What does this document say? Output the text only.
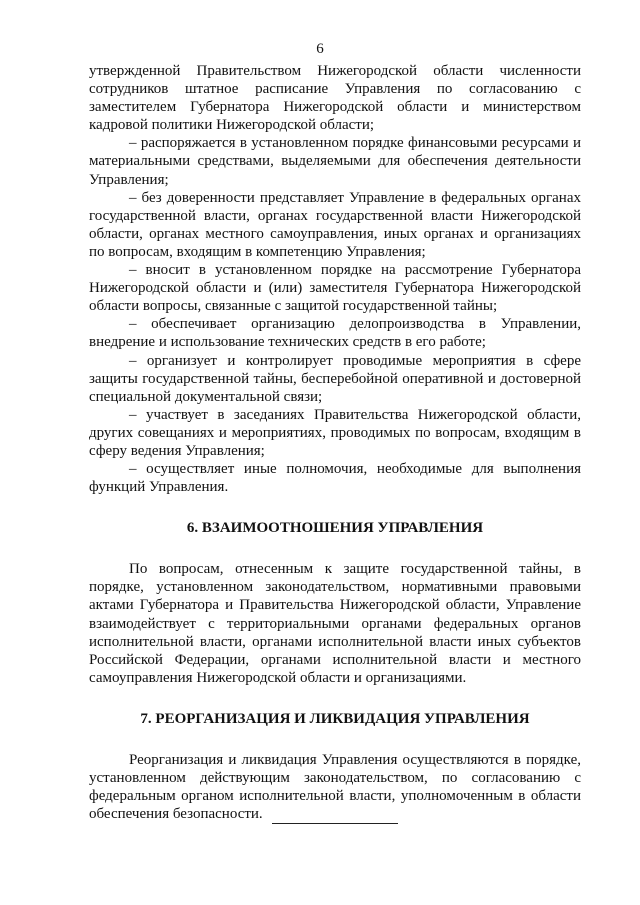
6

утвержденной Правительством Нижегородской области численности сотрудников штатное расписание Управления по согласованию с заместителем Губернатора Нижегородской области и министерством кадровой политики Нижегородской области;

– распоряжается в установленном порядке финансовыми ресурсами и материальными средствами, выделяемыми для обеспечения деятельности Управления;

– без доверенности представляет Управление в федеральных органах государственной власти, органах государственной власти Нижегородской области, органах местного самоуправления, иных органах и организациях по вопросам, входящим в компетенцию Управления;

– вносит в установленном порядке на рассмотрение Губернатора Нижегородской области и (или) заместителя Губернатора Нижегородской области вопросы, связанные с защитой государственной тайны;

– обеспечивает организацию делопроизводства в Управлении, внедрение и использование технических средств в его работе;

– организует и контролирует проводимые мероприятия в сфере защиты государственной тайны, бесперебойной оперативной и достоверной специальной документальной связи;

– участвует в заседаниях Правительства Нижегородской области, других совещаниях и мероприятиях, проводимых по вопросам, входящим в сферу ведения Управления;

– осуществляет иные полномочия, необходимые для выполнения функций Управления.

6. ВЗАИМООТНОШЕНИЯ УПРАВЛЕНИЯ

По вопросам, отнесенным к защите государственной тайны, в порядке, установленном законодательством, нормативными правовыми актами Губернатора и Правительства Нижегородской области, Управление взаимодействует с территориальными органами федеральных органов исполнительной власти, органами исполнительной власти иных субъектов Российской Федерации, органами исполнительной власти и местного самоуправления Нижегородской области и организациями.

7. РЕОРГАНИЗАЦИЯ И ЛИКВИДАЦИЯ УПРАВЛЕНИЯ

Реорганизация и ликвидация Управления осуществляются в порядке, установленном действующим законодательством, по согласованию с федеральным органом исполнительной власти, уполномоченным в области обеспечения безопасности.
